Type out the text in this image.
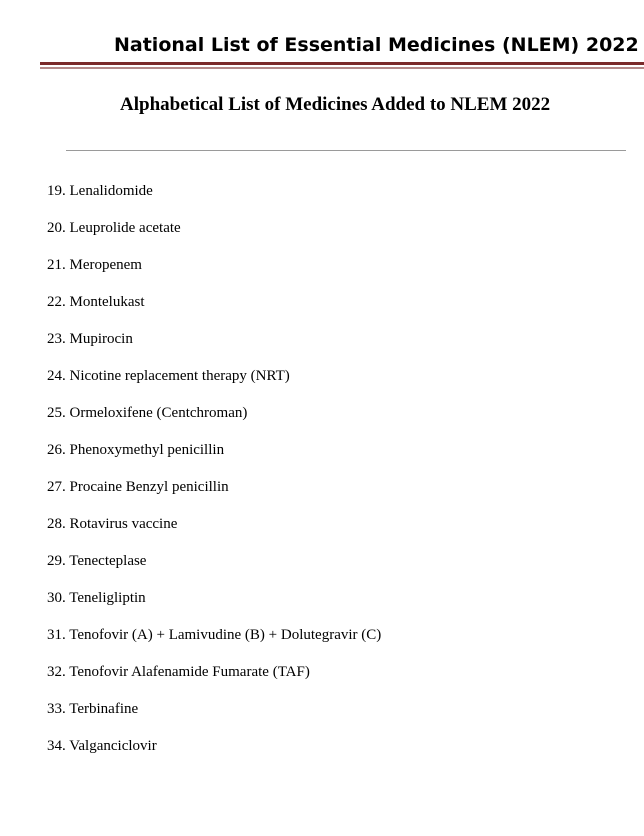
National List of Essential Medicines (NLEM) 2022
Alphabetical List of Medicines Added to NLEM 2022
19. Lenalidomide
20. Leuprolide acetate
21. Meropenem
22. Montelukast
23. Mupirocin
24. Nicotine replacement therapy (NRT)
25. Ormeloxifene (Centchroman)
26. Phenoxymethyl penicillin
27. Procaine Benzyl penicillin
28. Rotavirus vaccine
29. Tenecteplase
30. Teneligliptin
31. Tenofovir (A) + Lamivudine (B) + Dolutegravir (C)
32. Tenofovir Alafenamide Fumarate (TAF)
33. Terbinafine
34. Valganciclovir
